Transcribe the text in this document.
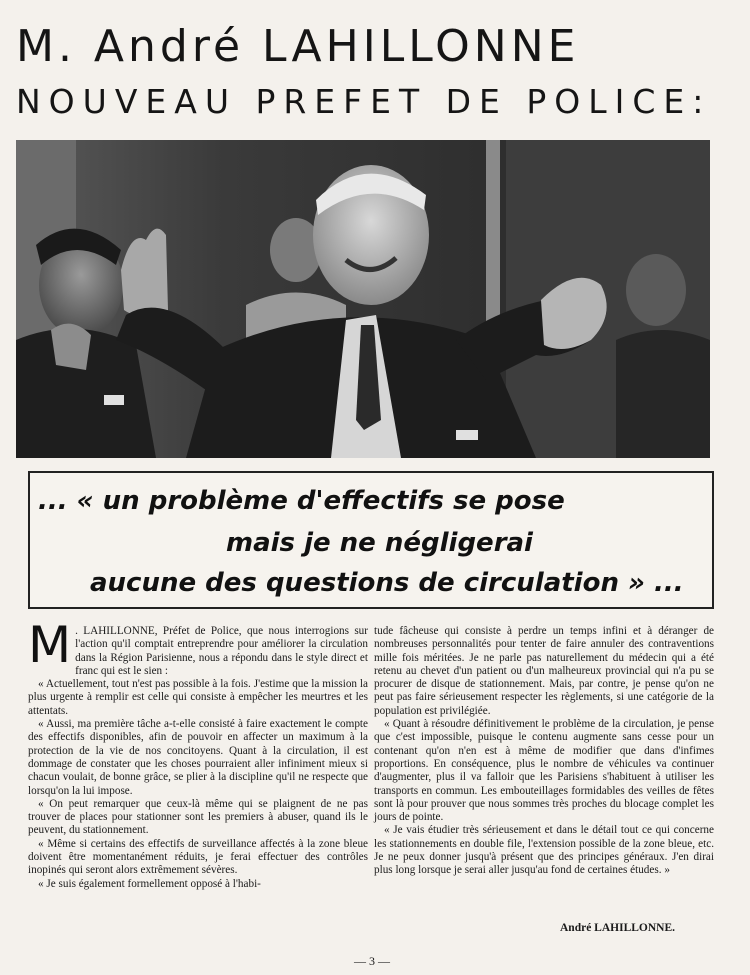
M. André LAHILLONNE
NOUVEAU PREFET DE POLICE:
... « un problème d'effectifs se pose
mais je ne négligerai
aucune des questions de circulation » ...

M . LAHILLONNE, Préfet de Police, que nous interrogions sur l'action qu'il comptait entreprendre pour améliorer la circulation dans la Région Parisienne, nous a répondu dans le style direct et franc qui est le sien :

« Actuellement, tout n'est pas possible à la fois. J'estime que la mission la plus urgente à remplir est celle qui consiste à empêcher les meurtres et les attentats.

« Aussi, ma première tâche a-t-elle consisté à faire exactement le compte des effectifs disponibles, afin de pouvoir en affecter un maximum à la protection de la vie de nos concitoyens. Quant à la circulation, il est dommage de constater que les choses pourraient aller infiniment mieux si chacun voulait, de bonne grâce, se plier à la discipline qu'il ne respecte que lorsqu'on la lui impose.

« On peut remarquer que ceux-là même qui se plaignent de ne pas trouver de places pour stationner sont les premiers à abuser, quand ils le peuvent, du stationnement.

« Même si certains des effectifs de surveillance affectés à la zone bleue doivent être momentanément réduits, je ferai effectuer des contrôles inopinés qui seront alors extrêmement sévères.

« Je suis également formellement opposé à l'habi-

tude fâcheuse qui consiste à perdre un temps infini et à déranger de nombreuses personnalités pour tenter de faire annuler des contraventions mille fois méritées. Je ne parle pas naturellement du médecin qui a été retenu au chevet d'un patient ou d'un malheureux provincial qui n'a pu se procurer de disque de stationnement. Mais, par contre, je pense qu'on ne peut pas faire sérieusement respecter les règlements, si une catégorie de la population est privilégiée.

« Quant à résoudre définitivement le problème de la circulation, je pense que c'est impossible, puisque le contenu augmente sans cesse pour un contenant qu'on n'en est à même de modifier que dans d'infimes proportions. En conséquence, plus le nombre de véhicules va continuer d'augmenter, plus il va falloir que les Parisiens s'habituent à utiliser les transports en commun. Les embouteillages formidables des veilles de fêtes sont là pour prouver que nous sommes très proches du blocage complet les jours de pointe.

« Je vais étudier très sérieusement et dans le détail tout ce qui concerne les stationnements en double file, l'extension possible de la zone bleue, etc. Je ne peux donner jusqu'à présent que des principes généraux. J'en dirai plus long lorsque je serai aller jusqu'au fond de certaines études. »

André LAHILLONNE.
— 3 —
